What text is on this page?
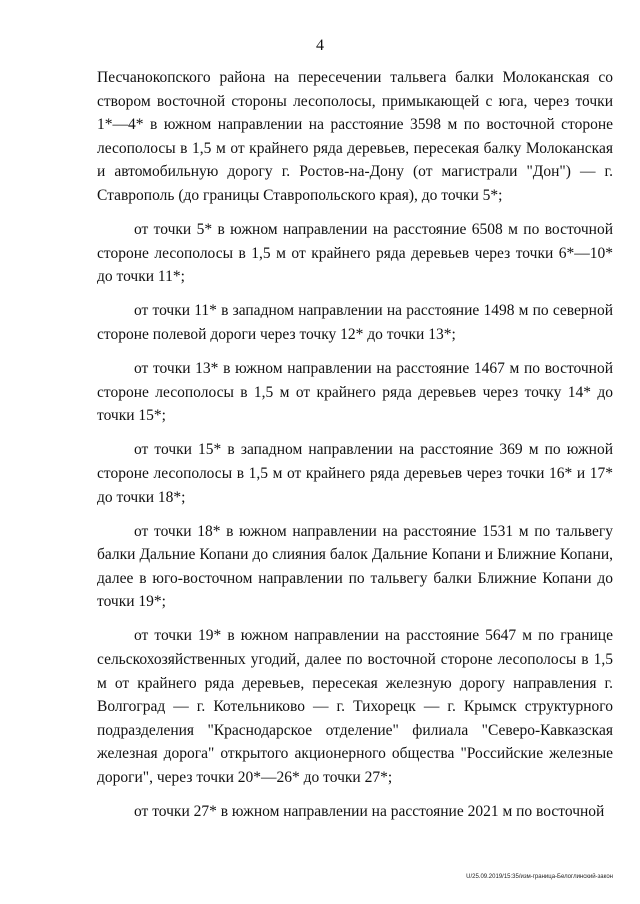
4

Песчанокопского района на пересечении тальвега балки Молоканская со створом восточной стороны лесополосы, примыкающей с юга, через точки 1*—4* в южном направлении на расстояние 3598 м по восточной стороне лесополосы в 1,5 м от крайнего ряда деревьев, пересекая балку Молоканская и автомобильную дорогу г. Ростов-на-Дону (от магистрали "Дон") — г. Ставрополь (до границы Ставропольского края), до точки 5*;

от точки 5* в южном направлении на расстояние 6508 м по восточной стороне лесополосы в 1,5 м от крайнего ряда деревьев через точки 6*—10* до точки 11*;

от точки 11* в западном направлении на расстояние 1498 м по северной стороне полевой дороги через точку 12* до точки 13*;

от точки 13* в южном направлении на расстояние 1467 м по восточной стороне лесополосы в 1,5 м от крайнего ряда деревьев через точку 14* до точки 15*;

от точки 15* в западном направлении на расстояние 369 м по южной стороне лесополосы в 1,5 м от крайнего ряда деревьев через точки 16* и 17* до точки 18*;

от точки 18* в южном направлении на расстояние 1531 м по тальвегу балки Дальние Копани до слияния балок Дальние Копани и Ближние Копани, далее в юго-восточном направлении по тальвегу балки Ближние Копани до точки 19*;

от точки 19* в южном направлении на расстояние 5647 м по границе сельскохозяйственных угодий, далее по восточной стороне лесополосы в 1,5 м от крайнего ряда деревьев, пересекая железную дорогу направления г. Волгоград — г. Котельниково — г. Тихорецк — г. Крымск структурного подразделения "Краснодарское отделение" филиала "Северо-Кавказская железная дорога" открытого акционерного общества "Российские железные дороги", через точки 20*—26* до точки 27*;

от точки 27* в южном направлении на расстояние 2021 м по восточной

U/25.09.2019/15:35/изм-граница-Белоглинский-закон
